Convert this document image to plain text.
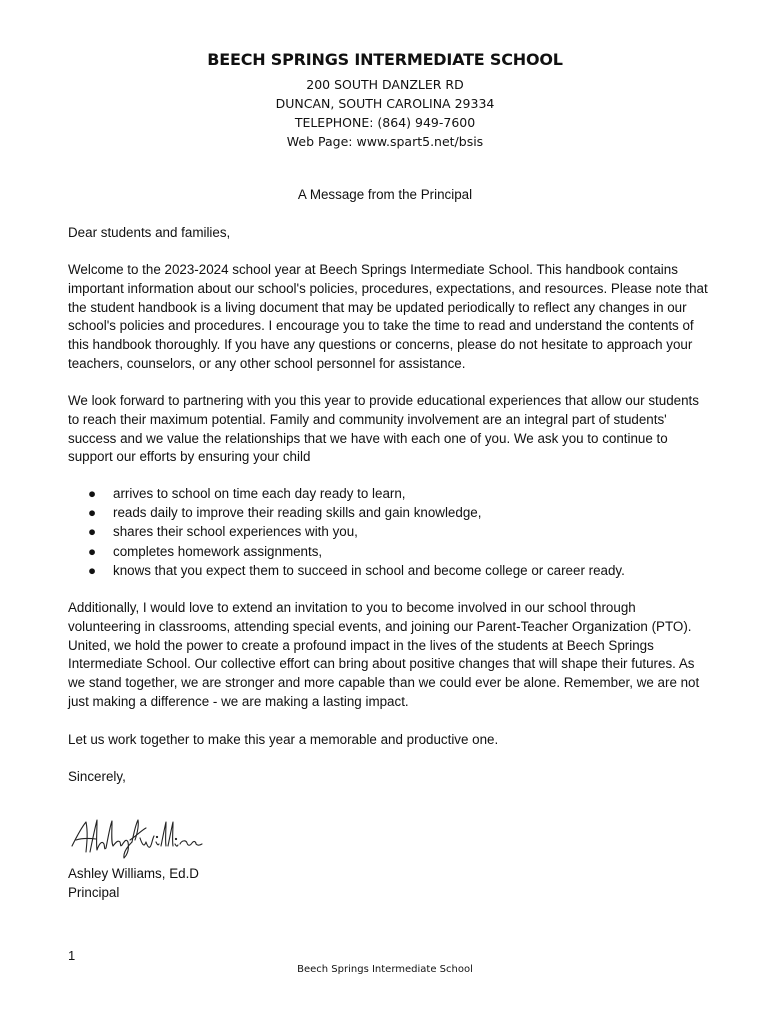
BEECH SPRINGS INTERMEDIATE SCHOOL
200 SOUTH DANZLER RD
DUNCAN, SOUTH CAROLINA 29334
TELEPHONE: (864) 949-7600
Web Page: www.spart5.net/bsis

A Message from the Principal

Dear students and families,

Welcome to the 2023-2024 school year at Beech Springs Intermediate School. This handbook contains important information about our school's policies, procedures, expectations, and resources. Please note that the student handbook is a living document that may be updated periodically to reflect any changes in our school's policies and procedures. I encourage you to take the time to read and understand the contents of this handbook thoroughly. If you have any questions or concerns, please do not hesitate to approach your teachers, counselors, or any other school personnel for assistance.

We look forward to partnering with you this year to provide educational experiences that allow our students to reach their maximum potential. Family and community involvement are an integral part of students' success and we value the relationships that we have with each one of you. We ask you to continue to support our efforts by ensuring your child

● arrives to school on time each day ready to learn,
● reads daily to improve their reading skills and gain knowledge,
● shares their school experiences with you,
● completes homework assignments,
● knows that you expect them to succeed in school and become college or career ready.

Additionally, I would love to extend an invitation to you to become involved in our school through volunteering in classrooms, attending special events, and joining our Parent-Teacher Organization (PTO). United, we hold the power to create a profound impact in the lives of the students at Beech Springs Intermediate School. Our collective effort can bring about positive changes that will shape their futures. As we stand together, we are stronger and more capable than we could ever be alone. Remember, we are not just making a difference - we are making a lasting impact.

Let us work together to make this year a memorable and productive one.

Sincerely,

Ashley Williams, Ed.D

Principal

1
Beech Springs Intermediate School
